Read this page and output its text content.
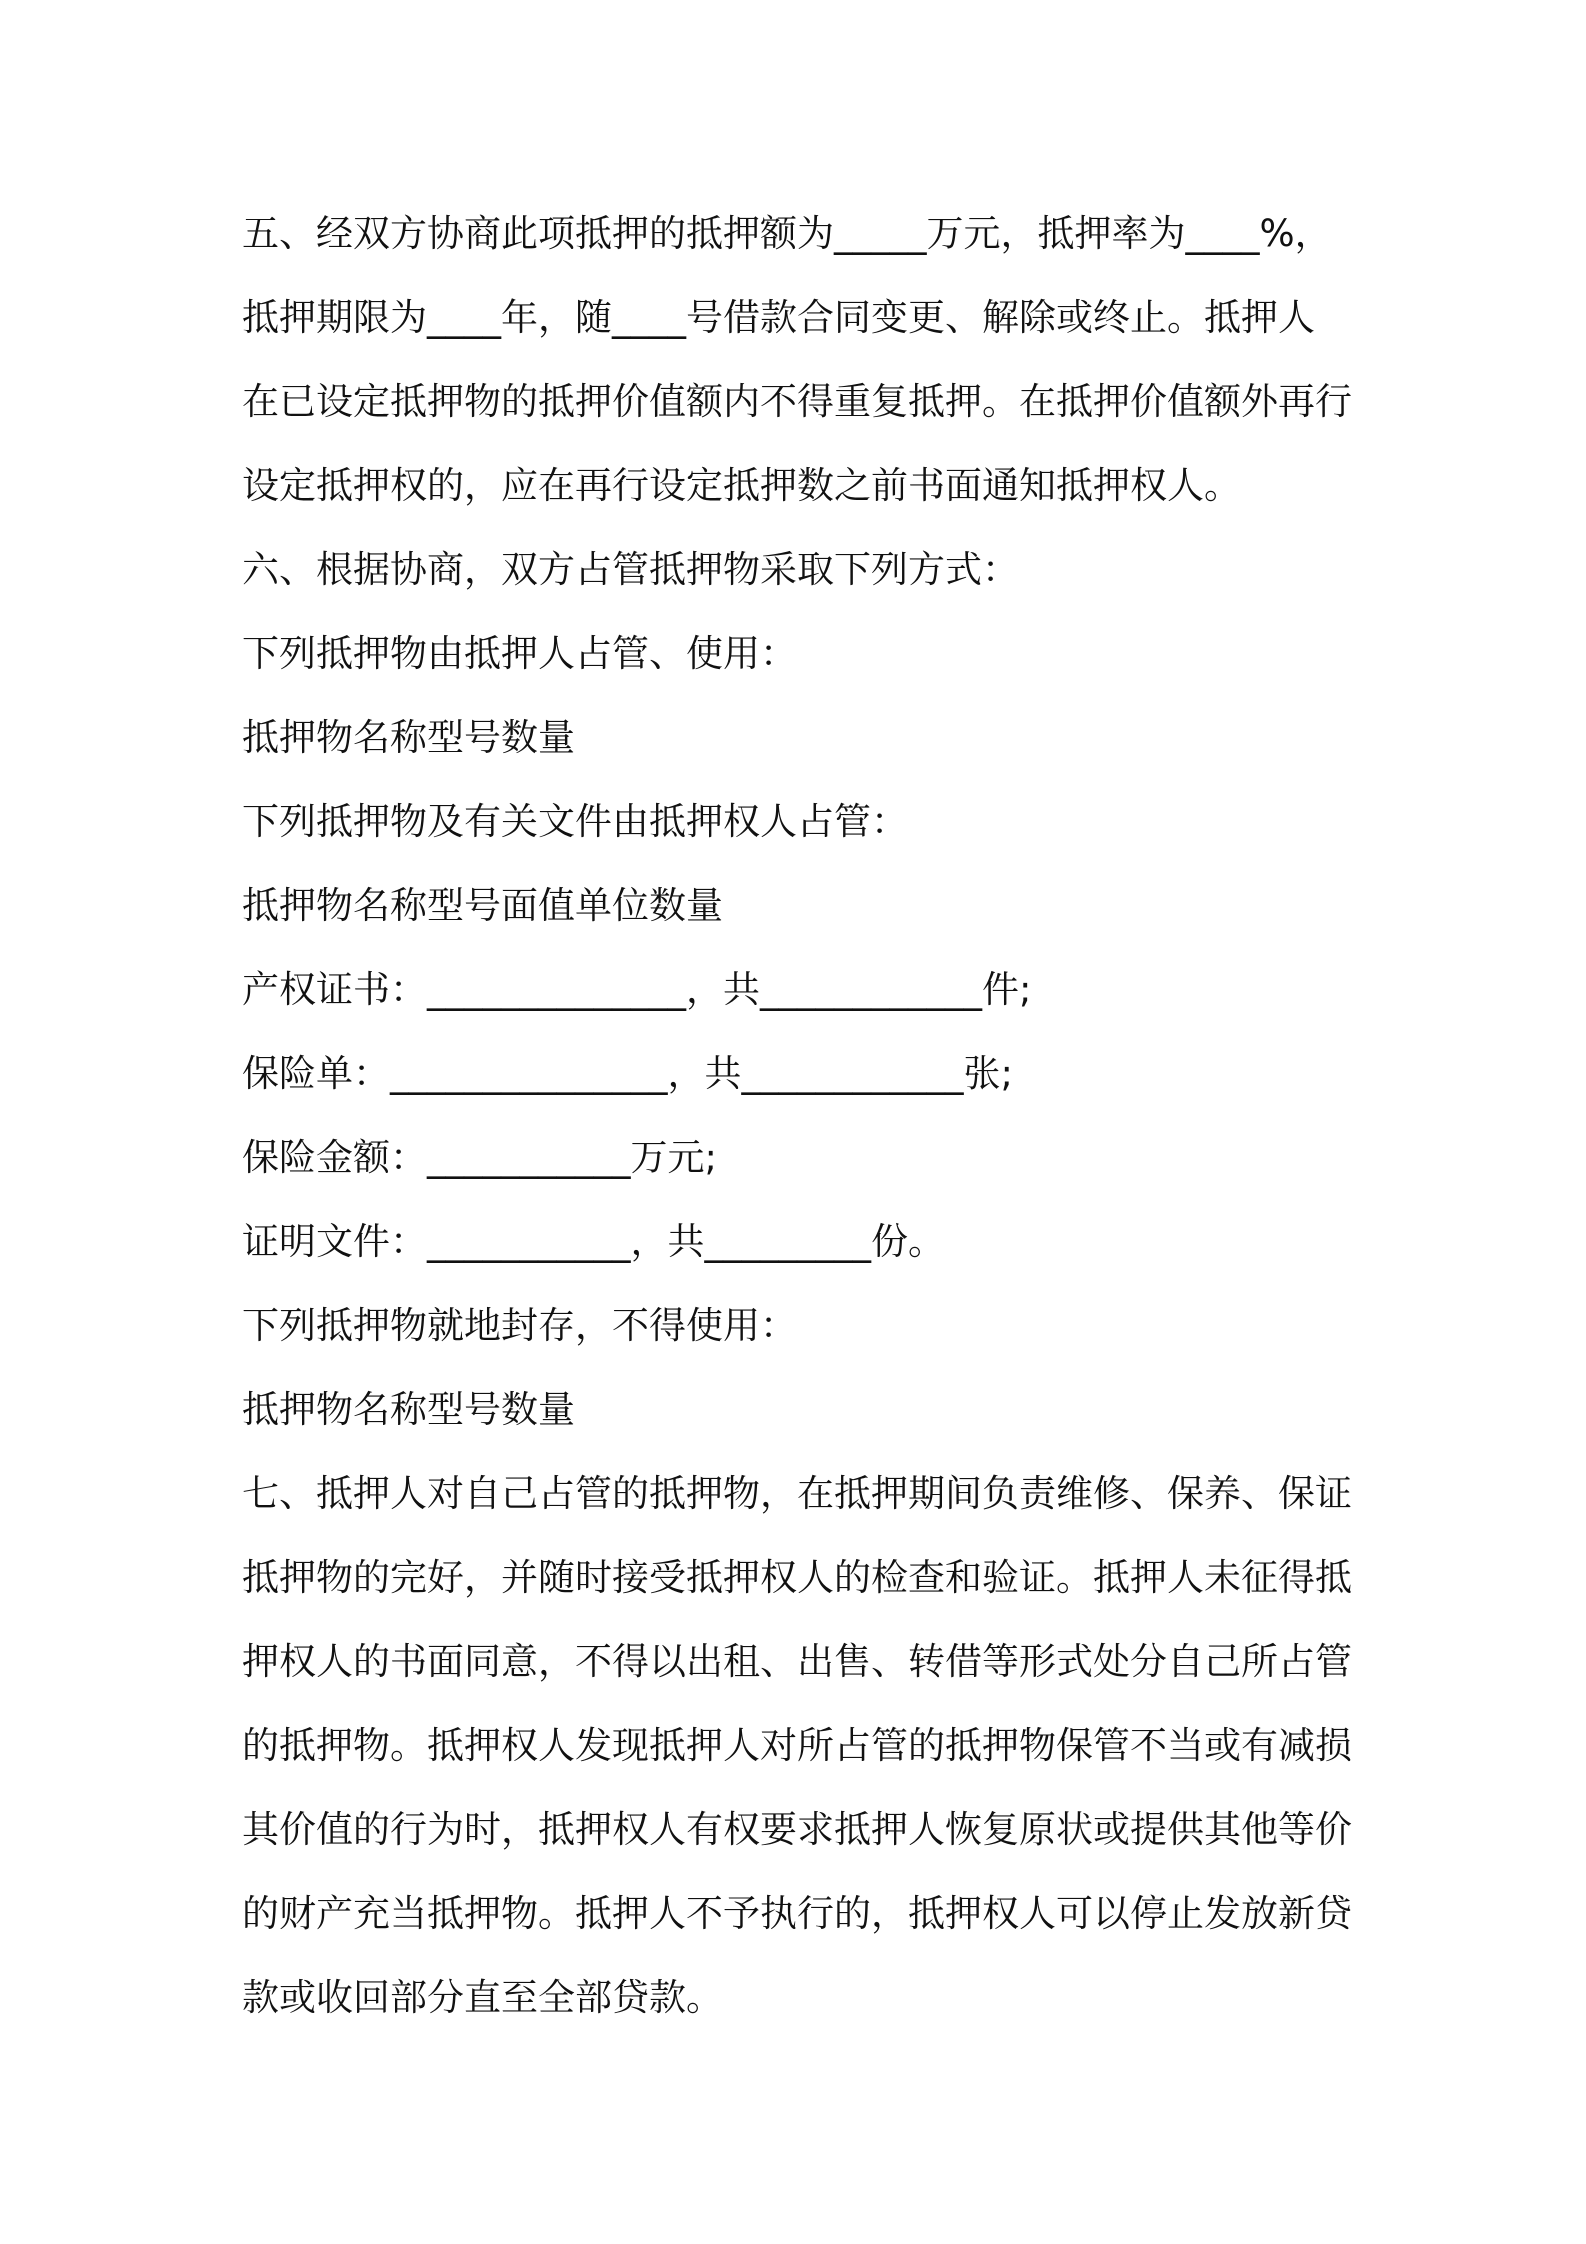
五、经双方协商此项抵押的抵押额为_____万元，抵押率为____%，

抵押期限为____年，随____号借款合同变更、解除或终止。抵押人

在已设定抵押物的抵押价值额内不得重复抵押。在抵押价值额外再行

设定抵押权的，应在再行设定抵押数之前书面通知抵押权人。

六、根据协商，双方占管抵押物采取下列方式：

下列抵押物由抵押人占管、使用：

抵押物名称型号数量

下列抵押物及有关文件由抵押权人占管：

抵押物名称型号面值单位数量

产权证书：______________，共____________件;

保险单：_______________，共____________张;

保险金额：___________万元;

证明文件：___________，共_________份。

下列抵押物就地封存，不得使用：

抵押物名称型号数量

七、抵押人对自己占管的抵押物，在抵押期间负责维修、保养、保证

抵押物的完好，并随时接受抵押权人的检查和验证。抵押人未征得抵

押权人的书面同意，不得以出租、出售、转借等形式处分自己所占管

的抵押物。抵押权人发现抵押人对所占管的抵押物保管不当或有减损

其价值的行为时，抵押权人有权要求抵押人恢复原状或提供其他等价

的财产充当抵押物。抵押人不予执行的，抵押权人可以停止发放新贷

款或收回部分直至全部贷款。
